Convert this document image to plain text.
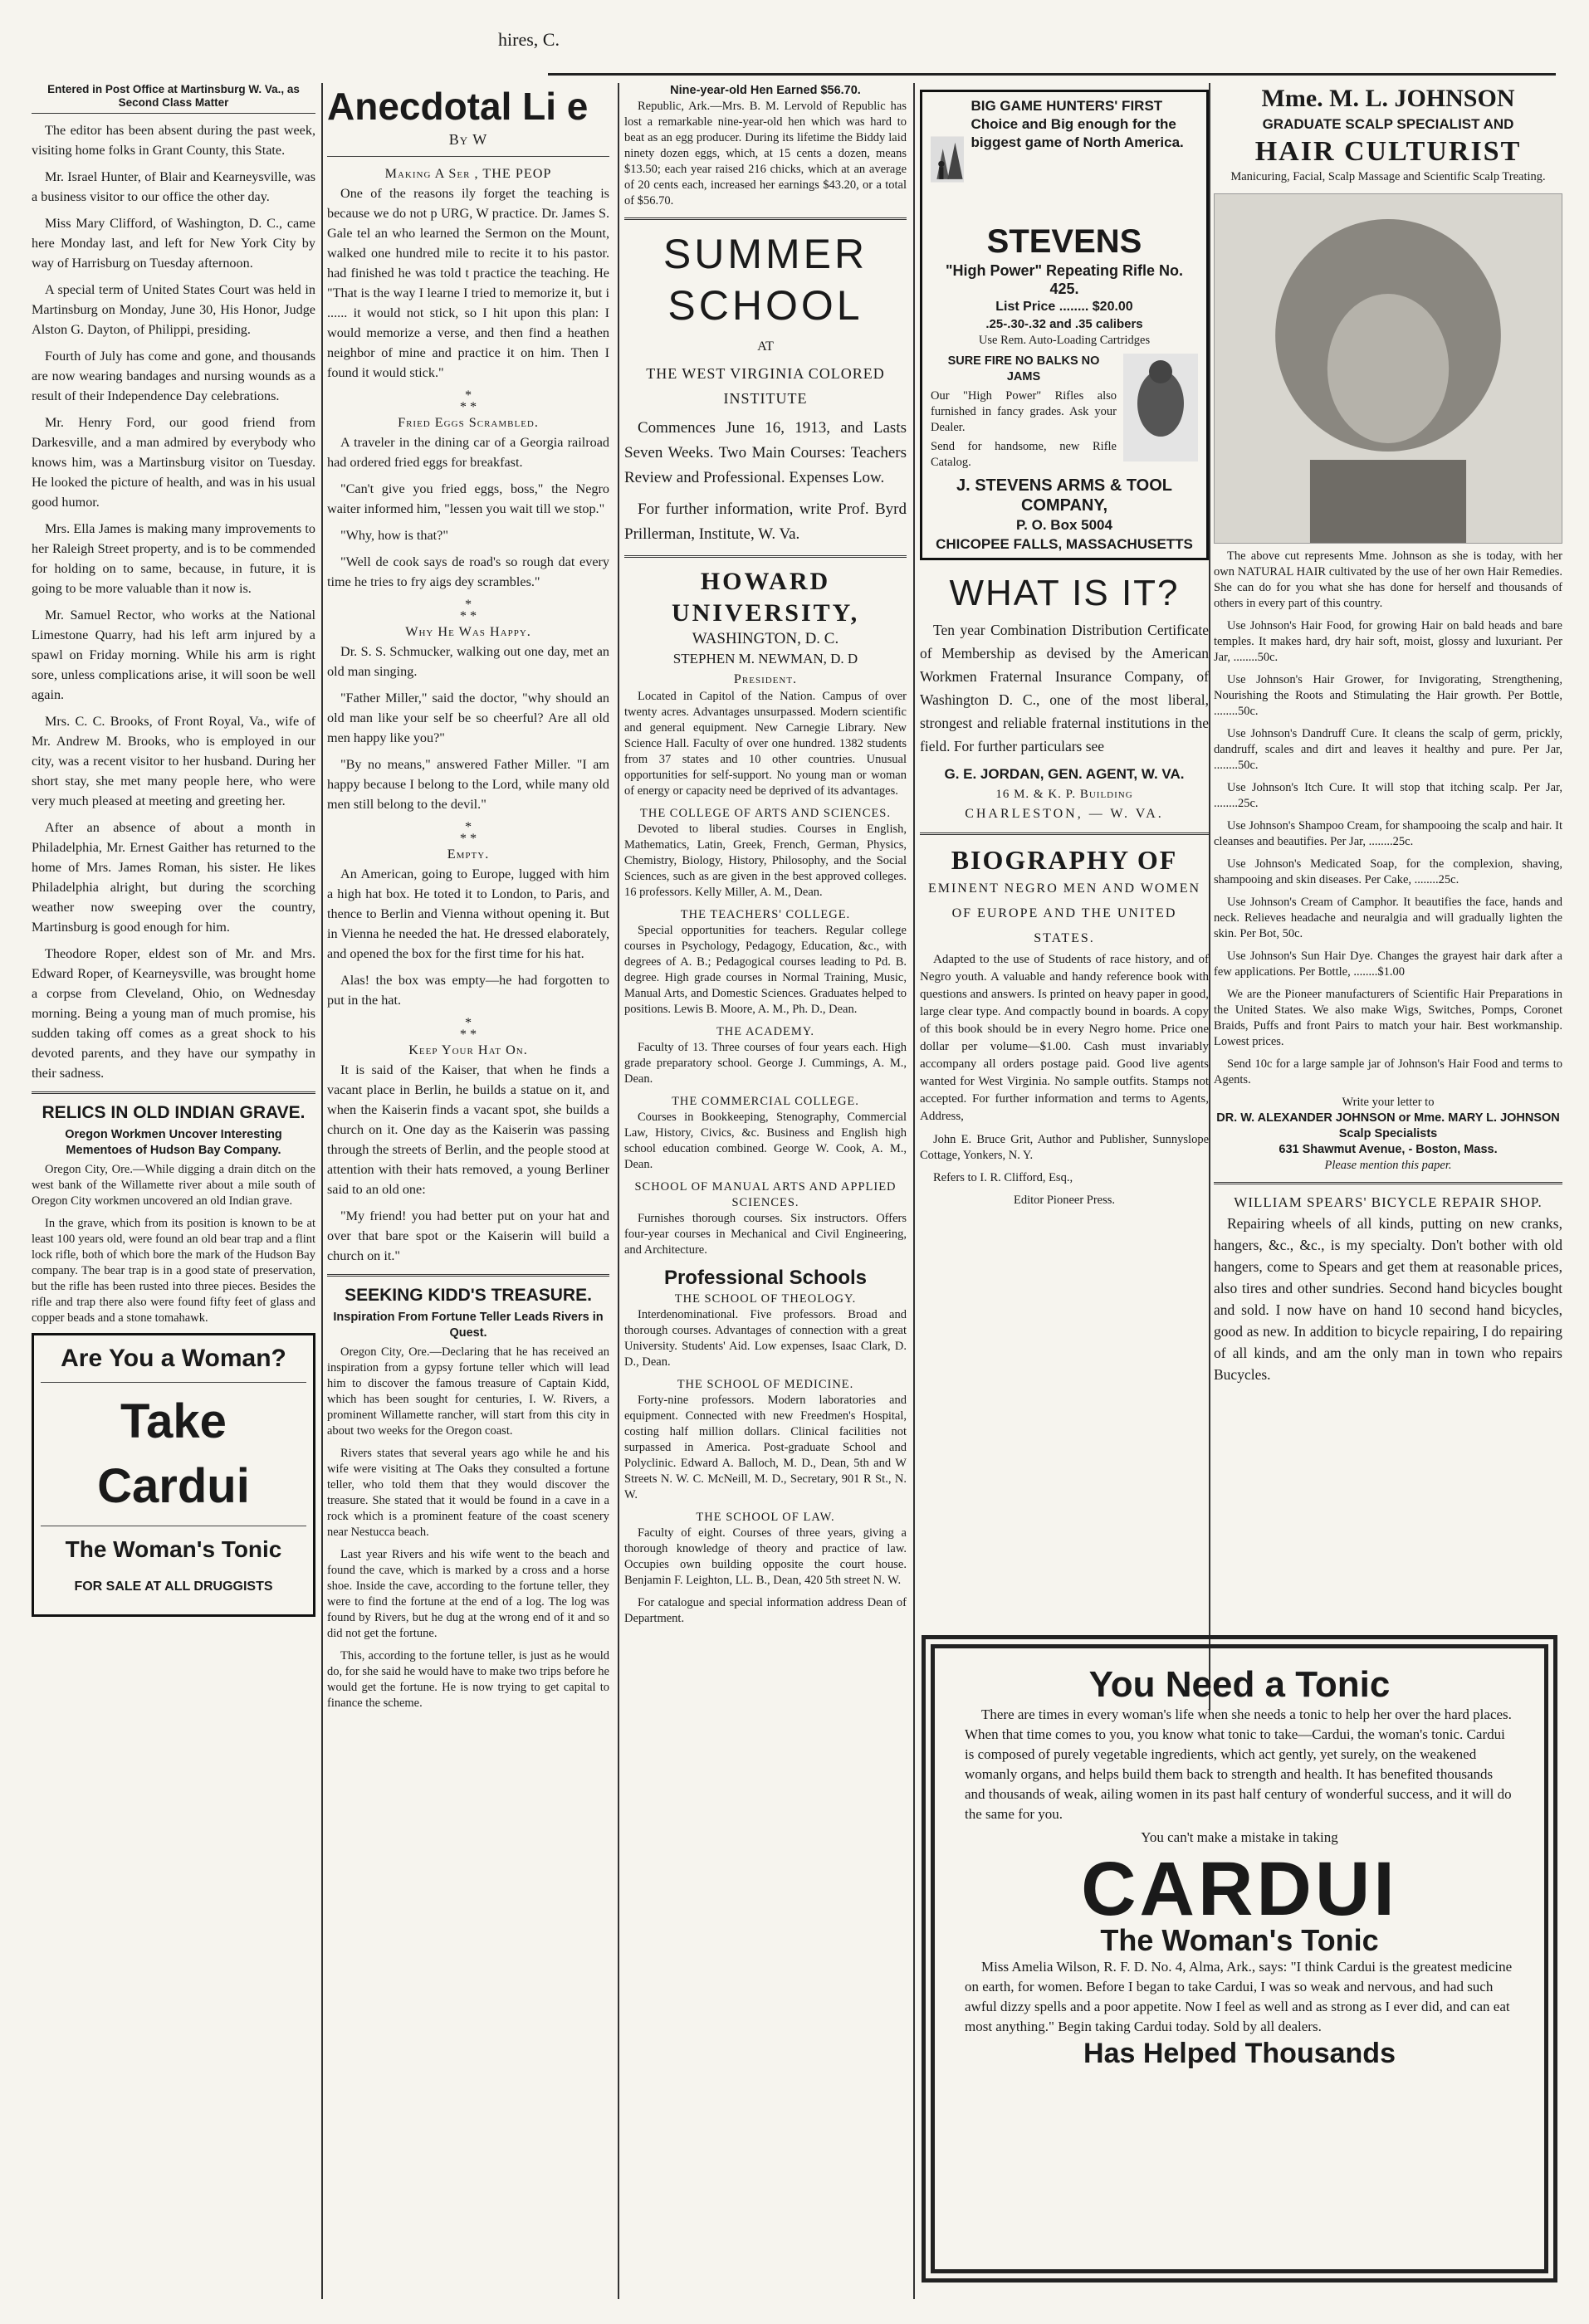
hires, C.
Entered in Post Office at Martinsburg W. Va., as Second Class Matter

The editor has been absent during the past week, visiting home folks in Grant County, this State.

Mr. Israel Hunter, of Blair and Kearneysville, was a business visitor to our office the other day.

Miss Mary Clifford, of Washington, D. C., came here Monday last, and left for New York City by way of Harrisburg on Tuesday afternoon.

A special term of United States Court was held in Martinsburg on Monday, June 30, His Honor, Judge Alston G. Dayton, of Philippi, presiding.

Fourth of July has come and gone, and thousands are now wearing bandages and nursing wounds as a result of their Independence Day celebrations.

Mr. Henry Ford, our good friend from Darkesville, and a man admired by everybody who knows him, was a Martinsburg visitor on Tuesday. He looked the picture of health, and was in his usual good humor.

Mrs. Ella James is making many improvements to her Raleigh Street property, and is to be commended for holding on to same, because, in future, it is going to be more valuable than it now is.

Mr. Samuel Rector, who works at the National Limestone Quarry, had his left arm injured by a spawl on Friday morning. While his arm is right sore, unless complications arise, it will soon be well again.

Mrs. C. C. Brooks, of Front Royal, Va., wife of Mr. Andrew M. Brooks, who is employed in our city, was a recent visitor to her husband. During her short stay, she met many people here, who were very much pleased at meeting and greeting her.

After an absence of about a month in Philadelphia, Mr. Ernest Gaither has returned to the home of Mrs. James Roman, his sister. He likes Philadelphia alright, but during the scorching weather now sweeping over the country, Martinsburg is good enough for him.

Theodore Roper, eldest son of Mr. and Mrs. Edward Roper, of Kearneysville, was brought home a corpse from Cleveland, Ohio, on Wednesday morning. Being a young man of much promise, his sudden taking off comes as a great shock to his devoted parents, and they have our sympathy in their sadness.

RELICS IN OLD INDIAN GRAVE.
Oregon Workmen Uncover Interesting Mementoes of Hudson Bay Company.

Oregon City, Ore.—While digging a drain ditch on the west bank of the Willamette river about a mile south of Oregon City workmen uncovered an old Indian grave.

In the grave, which from its position is known to be at least 100 years old, were found an old bear trap and a flint lock rifle, both of which bore the mark of the Hudson Bay company. The bear trap is in a good state of preservation, but the rifle has been rusted into three pieces. Besides the rifle and trap there also were found fifty feet of glass and copper beads and a stone tomahawk.

Are You a Woman?
Take Cardui
The Woman's Tonic
FOR SALE AT ALL DRUGGISTS
Anecdotal Li e
By W
Making A Ser , THE PEOP

One of the reasons ily forget the teaching is because we do not p URG, W practice. Dr. James S. Gale tel an who learned the Sermon on the Mount, walked one hundred mile to recite it to his pastor. had finished he was told t practice the teaching. He "That is the way I learne I tried to memorize it, but i ...... it would not stick, so I hit upon this plan: I would memorize a verse, and then find a heathen neighbor of mine and practice it on him. Then I found it would stick."

*
* *
Fried Eggs Scrambled.

A traveler in the dining car of a Georgia railroad had ordered fried eggs for breakfast.

"Can't give you fried eggs, boss," the Negro waiter informed him, "lessen you wait till we stop."

"Why, how is that?"

"Well de cook says de road's so rough dat every time he tries to fry aigs dey scrambles."

*
* *
Why He Was Happy.

Dr. S. S. Schmucker, walking out one day, met an old man singing.

"Father Miller," said the doctor, "why should an old man like your self be so cheerful? Are all old men happy like you?"

"By no means," answered Father Miller. "I am happy because I belong to the Lord, while many old men still belong to the devil."

*
* *
Empty.

An American, going to Europe, lugged with him a high hat box. He toted it to London, to Paris, and thence to Berlin and Vienna without opening it. But in Vienna he needed the hat. He dressed elaborately, and opened the box for the first time for his hat.

Alas! the box was empty—he had forgotten to put in the hat.

*
* *
Keep Your Hat On.

It is said of the Kaiser, that when he finds a vacant place in Berlin, he builds a statue on it, and when the Kaiserin finds a vacant spot, she builds a church on it. One day as the Kaiserin was passing through the streets of Berlin, and the people stood at attention with their hats removed, a young Berliner said to an old one:

"My friend! you had better put on your hat and over that bare spot or the Kaiserin will build a church on it."

SEEKING KIDD'S TREASURE.
Inspiration From Fortune Teller Leads Rivers in Quest.

Oregon City, Ore.—Declaring that he has received an inspiration from a gypsy fortune teller which will lead him to discover the famous treasure of Captain Kidd, which has been sought for centuries, I. W. Rivers, a prominent Willamette rancher, will start from this city in about two weeks for the Oregon coast.

Rivers states that several years ago while he and his wife were visiting at The Oaks they consulted a fortune teller, who told them that they would discover the treasure. She stated that it would be found in a cave in a rock which is a prominent feature of the coast scenery near Nestucca beach.

Last year Rivers and his wife went to the beach and found the cave, which is marked by a cross and a horse shoe. Inside the cave, according to the fortune teller, they were to find the fortune at the end of a log. The log was found by Rivers, but he dug at the wrong end of it and so did not get the fortune.

This, according to the fortune teller, is just as he would do, for she said he would have to make two trips before he would get the fortune. He is now trying to get capital to finance the scheme.

Nine-year-old Hen Earned $56.70.

Republic, Ark.—Mrs. B. M. Lervold of Republic has lost a remarkable nine-year-old hen which was hard to beat as an egg producer. During its lifetime the Biddy laid ninety dozen eggs, which, at 15 cents a dozen, means $13.50; each year raised 216 chicks, which at an average of 20 cents each, increased her earnings $43.20, or a total of $56.70.

SUMMER
SCHOOL
AT
THE WEST VIRGINIA COLORED INSTITUTE

Commences June 16, 1913, and Lasts Seven Weeks. Two Main Courses: Teachers Review and Professional. Expenses Low.

For further information, write Prof. Byrd Prillerman, Institute, W. Va.

HOWARD UNIVERSITY,
WASHINGTON, D. C.
STEPHEN M. NEWMAN, D. D
President.

Located in Capitol of the Nation. Campus of over twenty acres. Advantages unsurpassed. Modern scientific and general equipment. New Carnegie Library. New Science Hall. Faculty of over one hundred. 1382 students from 37 states and 10 other countries. Unusual opportunities for self-support. No young man or woman of energy or capacity need be deprived of its advantages.

THE COLLEGE OF ARTS AND SCIENCES.

Devoted to liberal studies. Courses in English, Mathematics, Latin, Greek, French, German, Physics, Chemistry, Biology, History, Philosophy, and the Social Sciences, such as are given in the best approved colleges. 16 professors. Kelly Miller, A. M., Dean.

THE TEACHERS' COLLEGE.

Special opportunities for teachers. Regular college courses in Psychology, Pedagogy, Education, &c., with degrees of A. B.; Pedagogical courses leading to Pd. B. degree. High grade courses in Normal Training, Music, Manual Arts, and Domestic Sciences. Graduates helped to positions. Lewis B. Moore, A. M., Ph. D., Dean.

THE ACADEMY.

Faculty of 13. Three courses of four years each. High grade preparatory school. George J. Cummings, A. M., Dean.

THE COMMERCIAL COLLEGE.

Courses in Bookkeeping, Stenography, Commercial Law, History, Civics, &c. Business and English high school education combined. George W. Cook, A. M., Dean.

SCHOOL OF MANUAL ARTS AND APPLIED SCIENCES.

Furnishes thorough courses. Six instructors. Offers four-year courses in Mechanical and Civil Engineering, and Architecture.

Professional Schools
THE SCHOOL OF THEOLOGY.

Interdenominational. Five professors. Broad and thorough courses. Advantages of connection with a great University. Students' Aid. Low expenses, Isaac Clark, D. D., Dean.

THE SCHOOL OF MEDICINE.

Forty-nine professors. Modern laboratories and equipment. Connected with new Freedmen's Hospital, costing half million dollars. Clinical facilities not surpassed in America. Post-graduate School and Polyclinic. Edward A. Balloch, M. D., Dean, 5th and W Streets N. W. C. McNeill, M. D., Secretary, 901 R St., N. W.

THE SCHOOL OF LAW.

Faculty of eight. Courses of three years, giving a thorough knowledge of theory and practice of law. Occupies own building opposite the court house. Benjamin F. Leighton, LL. B., Dean, 420 5th street N. W.

For catalogue and special information address Dean of Department.

BIG GAME HUNTERS' FIRST Choice and Big enough for the biggest game of North America.
STEVENS
"High Power" Repeating Rifle No. 425.
List Price ........ $20.00
.25-.30-.32 and .35 calibers
Use Rem. Auto-Loading Cartridges
SURE FIRE NO BALKS NO JAMS
Our "High Power" Rifles also furnished in fancy grades. Ask your Dealer.
Send for handsome, new Rifle Catalog.
J. STEVENS ARMS & TOOL COMPANY,
P. O. Box 5004
CHICOPEE FALLS, MASSACHUSETTS
WHAT IS IT?

Ten year Combination Distribution Certificate of Membership as devised by the American Workmen Fraternal Insurance Company, of Washington D. C., one of the most liberal, strongest and reliable fraternal institutions in the field. For further particulars see

G. E. JORDAN, GEN. AGENT, W. VA.
16 M. & K. P. Building
CHARLESTON, — W. VA.
BIOGRAPHY OF
EMINENT NEGRO MEN AND WOMEN OF EUROPE AND THE UNITED STATES.

Adapted to the use of Students of race history, and of Negro youth. A valuable and handy reference book with questions and answers. Is printed on heavy paper in good, large clear type. And compactly bound in boards. A copy of this book should be in every Negro home. Price one dollar per volume—$1.00. Cash must invariably accompany all orders postage paid. Good live agents wanted for West Virginia. No sample outfits. Stamps not accepted. For further information and terms to Agents, Address,

John E. Bruce Grit, Author and Publisher, Sunnyslope Cottage, Yonkers, N. Y.

Refers to I. R. Clifford, Esq.,

Editor Pioneer Press.
Mme. M. L. JOHNSON
GRADUATE SCALP SPECIALIST AND
HAIR CULTURIST
Manicuring, Facial, Scalp Massage and Scientific Scalp Treating.

The above cut represents Mme. Johnson as she is today, with her own NATURAL HAIR cultivated by the use of her own Hair Remedies. She can do for you what she has done for herself and thousands of others in every part of this country.

Use Johnson's Hair Food, for growing Hair on bald heads and bare temples. It makes hard, dry hair soft, moist, glossy and luxuriant. Per Jar, ........50c.

Use Johnson's Hair Grower, for Invigorating, Strengthening, Nourishing the Roots and Stimulating the Hair growth. Per Bottle, ........50c.

Use Johnson's Dandruff Cure. It cleans the scalp of germ, prickly, dandruff, scales and dirt and leaves it healthy and pure. Per Jar, ........50c.

Use Johnson's Itch Cure. It will stop that itching scalp. Per Jar, ........25c.

Use Johnson's Shampoo Cream, for shampooing the scalp and hair. It cleanses and beautifies. Per Jar, ........25c.

Use Johnson's Medicated Soap, for the complexion, shaving, shampooing and skin diseases. Per Cake, ........25c.

Use Johnson's Cream of Camphor. It beautifies the face, hands and neck. Relieves headache and neuralgia and will gradually lighten the skin. Per Bot, 50c.

Use Johnson's Sun Hair Dye. Changes the grayest hair dark after a few applications. Per Bottle, ........$1.00

We are the Pioneer manufacturers of Scientific Hair Preparations in the United States. We also make Wigs, Switches, Pomps, Coronet Braids, Puffs and front Pairs to match your hair. Best workmanship. Lowest prices.

Send 10c for a large sample jar of Johnson's Hair Food and terms to Agents.

Write your letter to
DR. W. ALEXANDER JOHNSON or Mme. MARY L. JOHNSON Scalp Specialists
631 Shawmut Avenue, - Boston, Mass.
Please mention this paper.
WILLIAM SPEARS' BICYCLE REPAIR SHOP.

Repairing wheels of all kinds, putting on new cranks, hangers, &c., &c., is my specialty. Don't bother with old hangers, come to Spears and get them at reasonable prices, also tires and other sundries. Second hand bicycles bought and sold. I now have on hand 10 second hand bicycles, good as new. In addition to bicycle repairing, I do repairing of all kinds, and am the only man in town who repairs Bucycles.

You Need a Tonic

There are times in every woman's life when she needs a tonic to help her over the hard places. When that time comes to you, you know what tonic to take—Cardui, the woman's tonic. Cardui is composed of purely vegetable ingredients, which act gently, yet surely, on the weakened womanly organs, and helps build them back to strength and health. It has benefited thousands and thousands of weak, ailing women in its past half century of wonderful success, and it will do the same for you.

You can't make a mistake in taking
CARDUI
The Woman's Tonic

Miss Amelia Wilson, R. F. D. No. 4, Alma, Ark., says: "I think Cardui is the greatest medicine on earth, for women. Before I began to take Cardui, I was so weak and nervous, and had such awful dizzy spells and a poor appetite. Now I feel as well and as strong as I ever did, and can eat most anything." Begin taking Cardui today. Sold by all dealers.

Has Helped Thousands
